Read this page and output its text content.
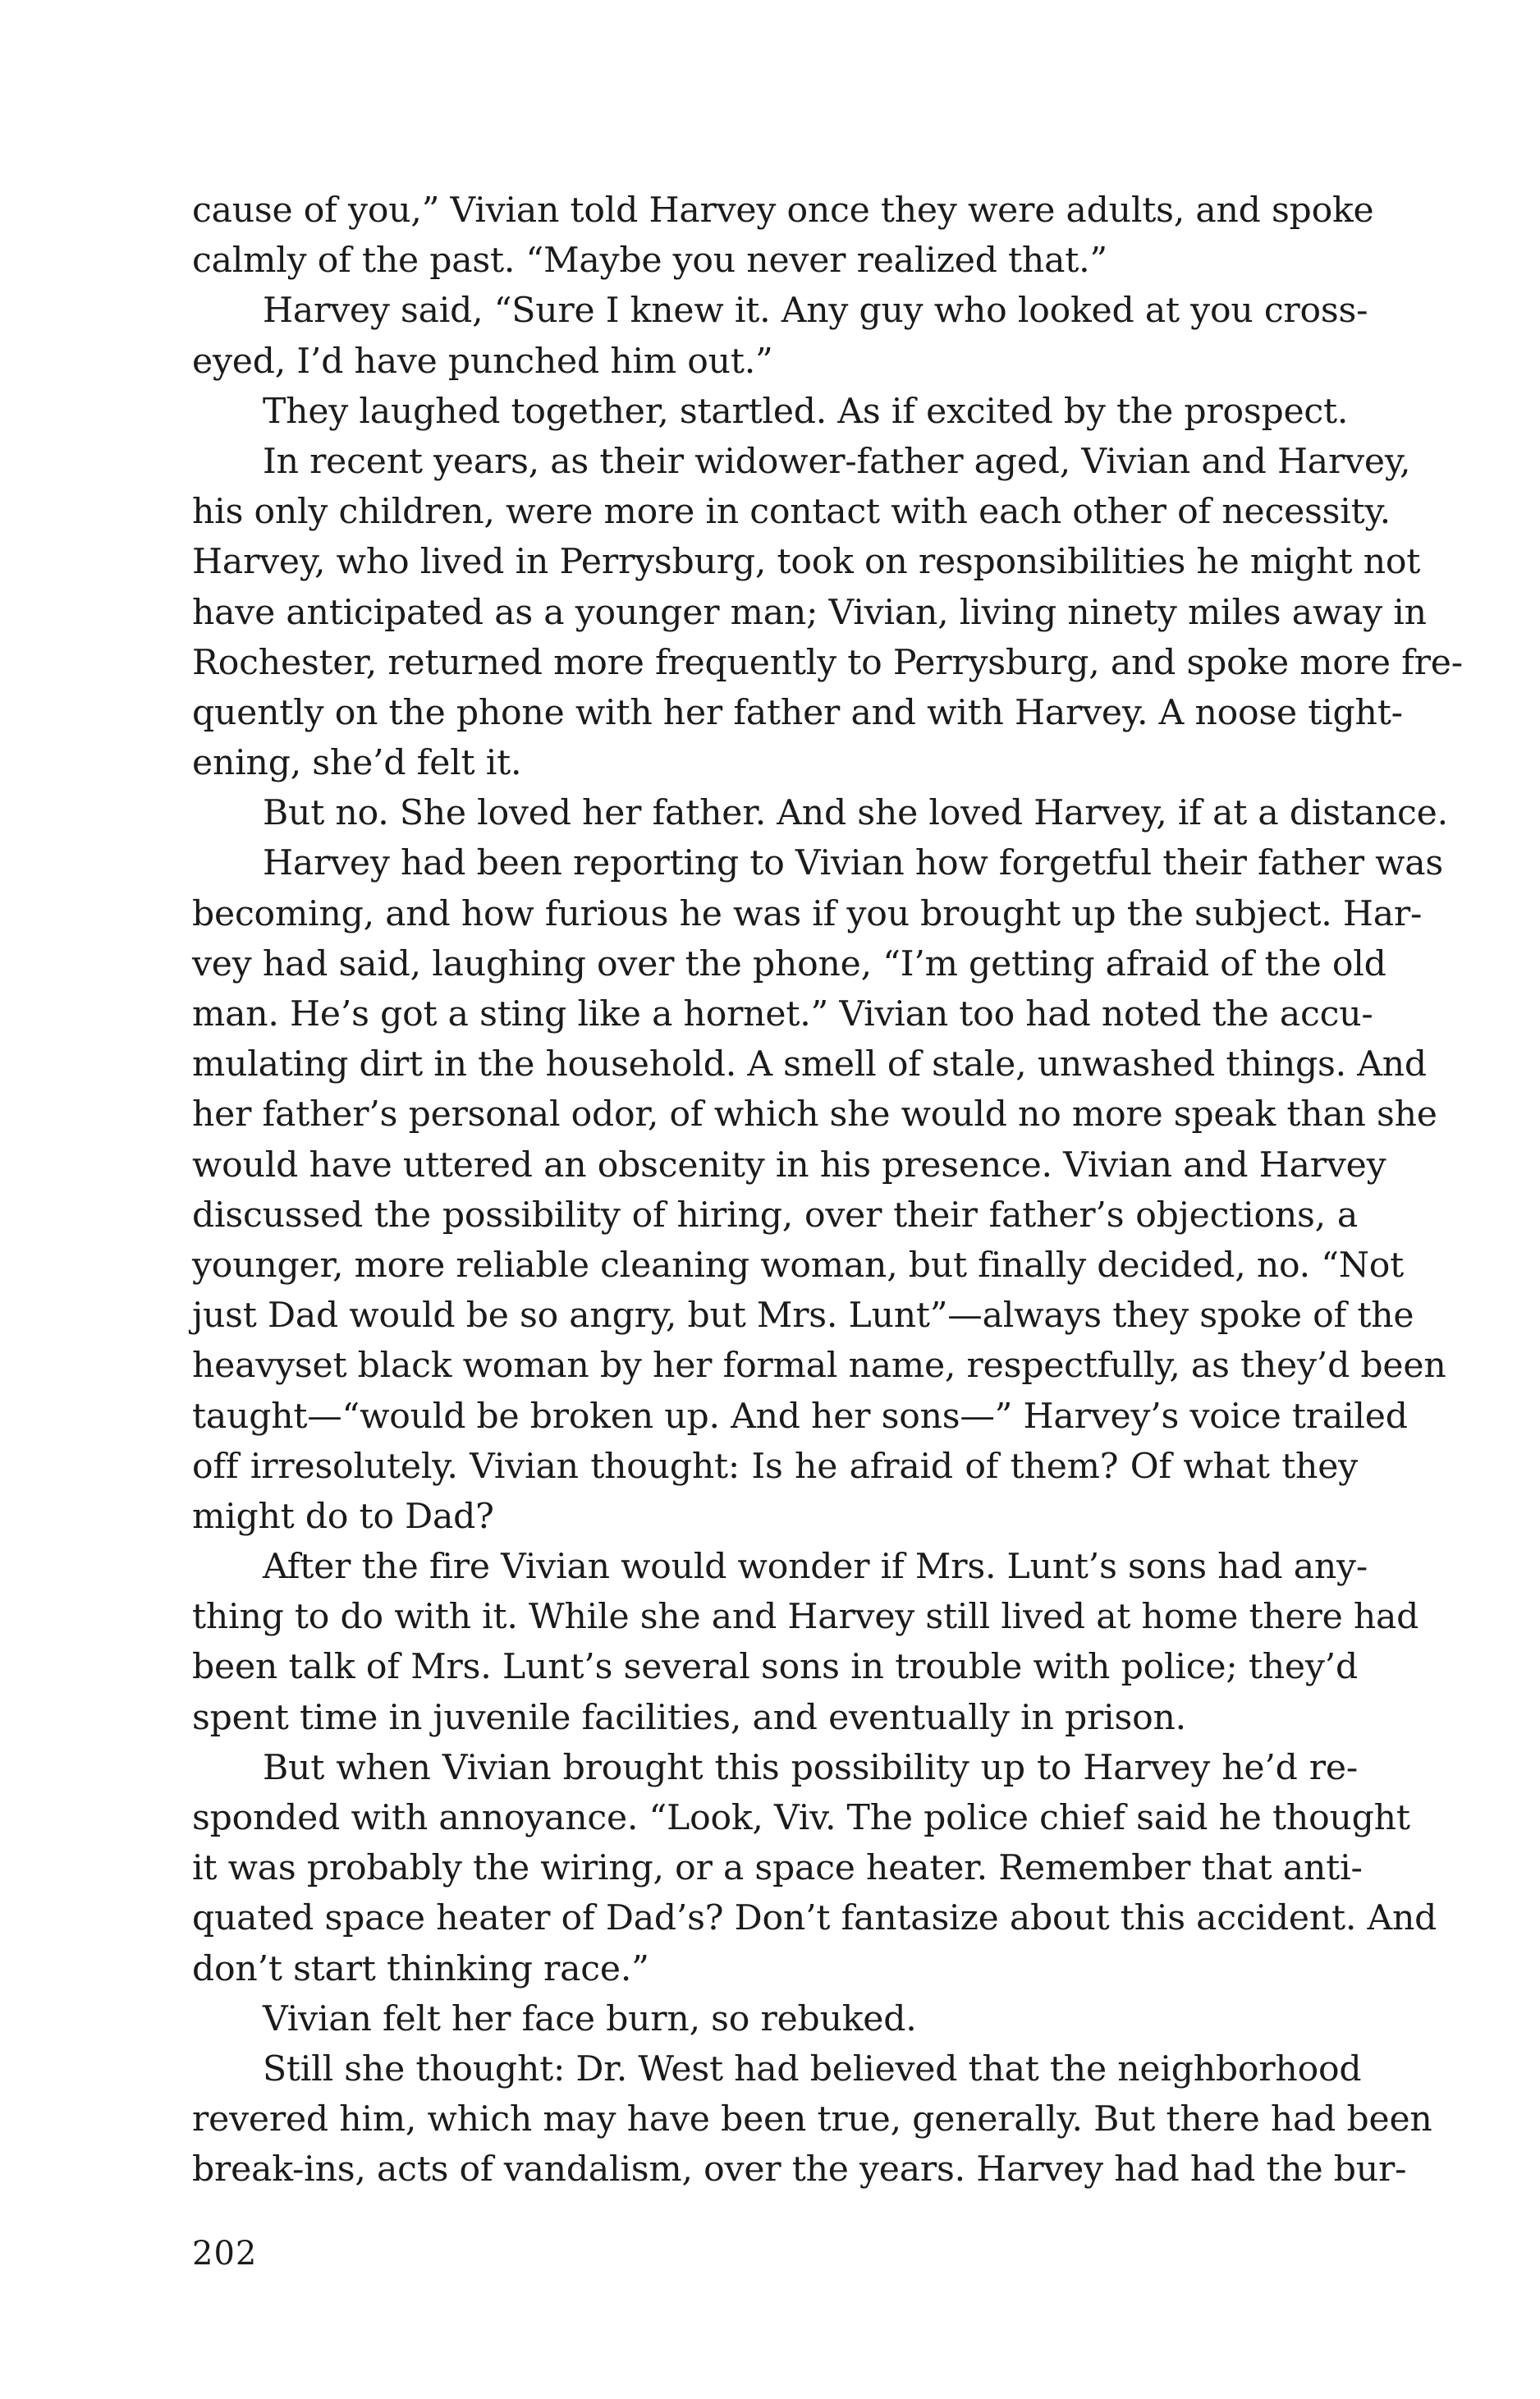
cause of you,” Vivian told Harvey once they were adults, and spoke
calmly of the past. “Maybe you never realized that.”
Harvey said, “Sure I knew it. Any guy who looked at you cross-
eyed, I’d have punched him out.”
They laughed together, startled. As if excited by the prospect.
In recent years, as their widower-father aged, Vivian and Harvey,
his only children, were more in contact with each other of necessity.
Harvey, who lived in Perrysburg, took on responsibilities he might not
have anticipated as a younger man; Vivian, living ninety miles away in
Rochester, returned more frequently to Perrysburg, and spoke more fre-
quently on the phone with her father and with Harvey. A noose tight-
ening, she’d felt it.
But no. She loved her father. And she loved Harvey, if at a distance.
Harvey had been reporting to Vivian how forgetful their father was
becoming, and how furious he was if you brought up the subject. Har-
vey had said, laughing over the phone, “I’m getting afraid of the old
man. He’s got a sting like a hornet.” Vivian too had noted the accu-
mulating dirt in the household. A smell of stale, unwashed things. And
her father’s personal odor, of which she would no more speak than she
would have uttered an obscenity in his presence. Vivian and Harvey
discussed the possibility of hiring, over their father’s objections, a
younger, more reliable cleaning woman, but finally decided, no. “Not
just Dad would be so angry, but Mrs. Lunt”—always they spoke of the
heavyset black woman by her formal name, respectfully, as they’d been
taught—“would be broken up. And her sons—” Harvey’s voice trailed
off irresolutely. Vivian thought: Is he afraid of them? Of what they
might do to Dad?
After the fire Vivian would wonder if Mrs. Lunt’s sons had any-
thing to do with it. While she and Harvey still lived at home there had
been talk of Mrs. Lunt’s several sons in trouble with police; they’d
spent time in juvenile facilities, and eventually in prison.
But when Vivian brought this possibility up to Harvey he’d re-
sponded with annoyance. “Look, Viv. The police chief said he thought
it was probably the wiring, or a space heater. Remember that anti-
quated space heater of Dad’s? Don’t fantasize about this accident. And
don’t start thinking race.”
Vivian felt her face burn, so rebuked.
Still she thought: Dr. West had believed that the neighborhood
revered him, which may have been true, generally. But there had been
break-ins, acts of vandalism, over the years. Harvey had had the bur-
202
